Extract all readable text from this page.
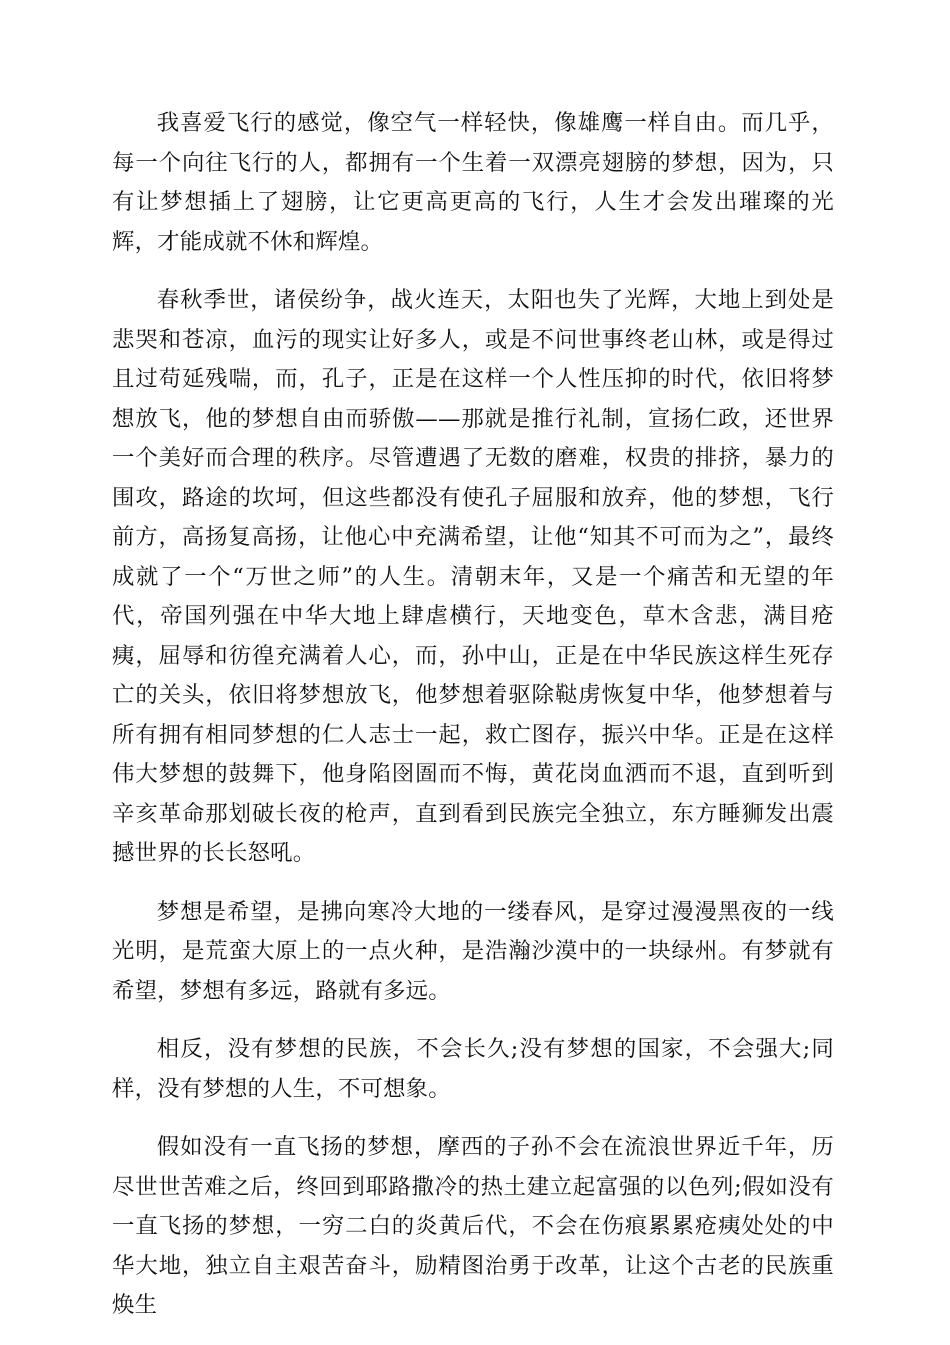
我喜爱飞行的感觉，像空气一样轻快，像雄鹰一样自由。而几乎，每一个向往飞行的人，都拥有一个生着一双漂亮翅膀的梦想，因为，只有让梦想插上了翅膀，让它更高更高的飞行，人生才会发出璀璨的光辉，才能成就不休和辉煌。

春秋季世，诸侯纷争，战火连天，太阳也失了光辉，大地上到处是悲哭和苍凉，血污的现实让好多人，或是不问世事终老山林，或是得过且过苟延残喘，而，孔子，正是在这样一个人性压抑的时代，依旧将梦想放飞，他的梦想自由而骄傲——那就是推行礼制，宣扬仁政，还世界一个美好而合理的秩序。尽管遭遇了无数的磨难，权贵的排挤，暴力的围攻，路途的坎坷，但这些都没有使孔子屈服和放弃，他的梦想，飞行前方，高扬复高扬，让他心中充满希望，让他“知其不可而为之”，最终成就了一个“万世之师”的人生。清朝末年，又是一个痛苦和无望的年代，帝国列强在中华大地上肆虐横行，天地变色，草木含悲，满目疮痍，屈辱和彷徨充满着人心，而，孙中山，正是在中华民族这样生死存亡的关头，依旧将梦想放飞，他梦想着驱除鞑虏恢复中华，他梦想着与所有拥有相同梦想的仁人志士一起，救亡图存，振兴中华。正是在这样伟大梦想的鼓舞下，他身陷囹圄而不悔，黄花岗血洒而不退，直到听到辛亥革命那划破长夜的枪声，直到看到民族完全独立，东方睡狮发出震撼世界的长长怒吼。

梦想是希望，是拂向寒冷大地的一缕春风，是穿过漫漫黑夜的一线光明，是荒蛮大原上的一点火种，是浩瀚沙漠中的一块绿州。有梦就有希望，梦想有多远，路就有多远。

相反，没有梦想的民族，不会长久;没有梦想的国家，不会强大;同样，没有梦想的人生，不可想象。

假如没有一直飞扬的梦想，摩西的子孙不会在流浪世界近千年，历尽世世苦难之后，终回到耶路撒冷的热土建立起富强的以色列;假如没有一直飞扬的梦想，一穷二白的炎黄后代，不会在伤痕累累疮痍处处的中华大地，独立自主艰苦奋斗，励精图治勇于改革，让这个古老的民族重焕生
